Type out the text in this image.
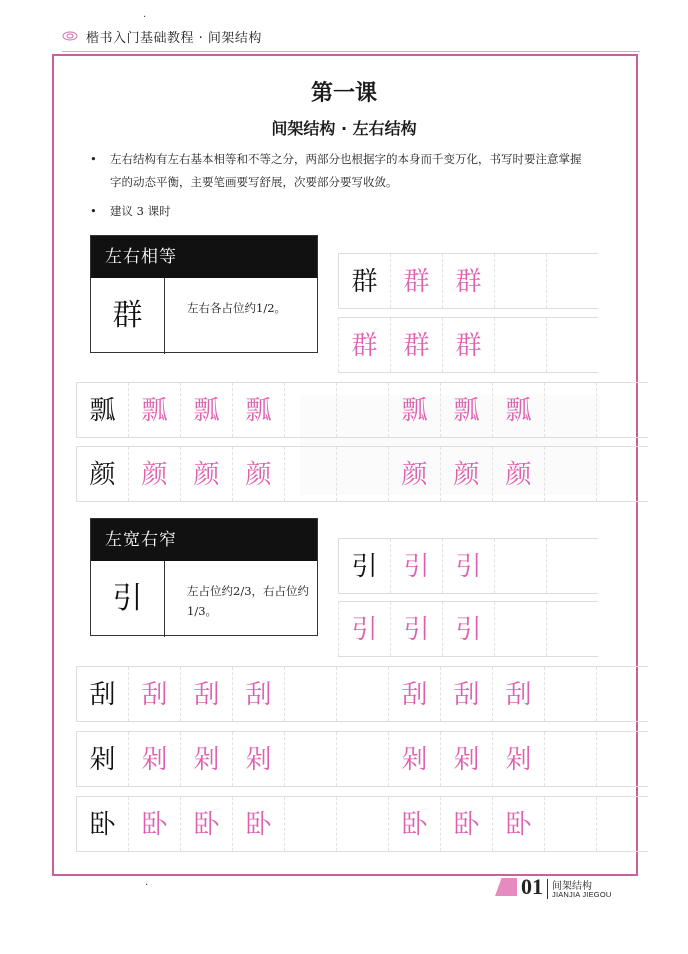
楷书入门基础教程 · 间架结构
·
第一课
间架结构 · 左右结构
• 左右结构有左右基本相等和不等之分，两部分也根据字的本身而千变万化，书写时要注意掌握字的动态平衡，主要笔画要写舒展，次要部分要写收敛。
• 建议 3 课时
左右相等
群	左右各占位约1/2。
左宽右窄
引	左占位约2/3，右占位约1/3。
群 群 群
群 群 群
瓢 瓢 瓢 瓢	瓢 瓢 瓢
颜 颜 颜 颜	颜 颜 颜
引 引 引
引 引 引
刮 刮 刮 刮	刮 刮 刮
剁 剁 剁 剁	剁 剁 剁
卧 卧 卧 卧	卧 卧 卧
01 间架结构
JIANJIA JIEGOU
·
